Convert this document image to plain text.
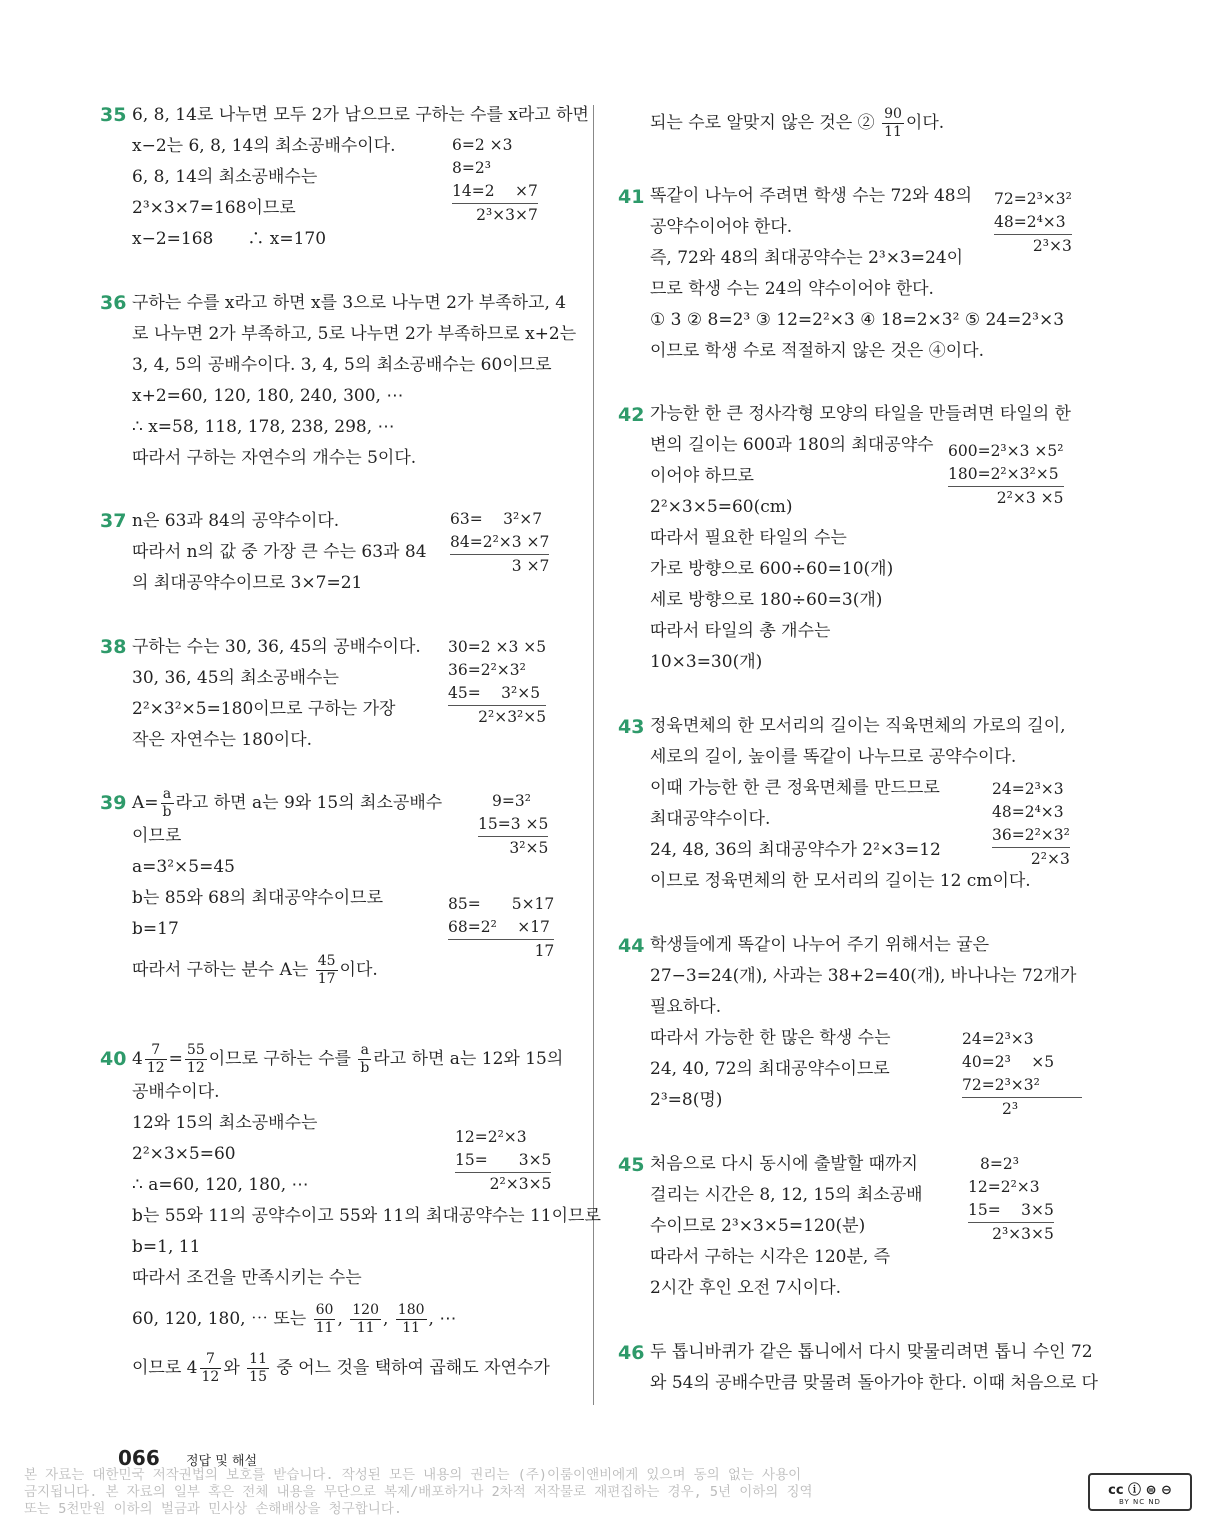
35 6, 8, 14로 나누면 모두 2가 남으므로 구하는 수를 x라고 하면
x−2는 6, 8, 14의 최소공배수이다.
6, 8, 14의 최소공배수는
2³×3×7=168이므로
x−2=168　　∴ x=170
6=2 ×3
8=2³
14=2　 ×7
2³×3×7
36 구하는 수를 x라고 하면 x를 3으로 나누면 2가 부족하고, 4
로 나누면 2가 부족하고, 5로 나누면 2가 부족하므로 x+2는
3, 4, 5의 공배수이다. 3, 4, 5의 최소공배수는 60이므로
x+2=60, 120, 180, 240, 300, ⋯
∴ x=58, 118, 178, 238, 298, ⋯
따라서 구하는 자연수의 개수는 5이다.
37 n은 63과 84의 공약수이다.
따라서 n의 값 중 가장 큰 수는 63과 84
의 최대공약수이므로 3×7=21
63=　 3²×7
84=2²×3 ×7
3 ×7
38 구하는 수는 30, 36, 45의 공배수이다.
30, 36, 45의 최소공배수는
2²×3²×5=180이므로 구하는 가장
작은 자연수는 180이다.
30=2 ×3 ×5
36=2²×3²
45=　 3²×5
2²×3²×5
39 $A= \frac{a}{b}$ 라고 하면 a는 9와 15의 최소공배수
이므로
a=3²×5=45
b는 85와 68의 최대공약수이므로
b=17
따라서 구하는 분수 A는 $\frac{45}{17}$ 이다.
9=3²
15=3 ×5
3²×5
85=　　5×17
68=2²　 ×17
17
40 $4 \frac{7}{12} = \frac{55}{12}$ 이므로 구하는 수를 $\frac{a}{b}$ 라고 하면 a는 12와 15의
공배수이다.
12와 15의 최소공배수는
2²×3×5=60
∴ a=60, 120, 180, ⋯
b는 55와 11의 공약수이고 55와 11의 최대공약수는 11이므로
b=1, 11
따라서 조건을 만족시키는 수는
60, 120, 180, ⋯ 또는 $\frac{60}{11}$ , $\frac{120}{11}$ , $\frac{180}{11}$ , ⋯
이므로 $4 \frac{7}{12}$ 와 $\frac{11}{15}$ 중 어느 것을 택하여 곱해도 자연수가
12=2²×3
15=　　3×5
2²×3×5
되는 수로 알맞지 않은 것은 ② $\frac{90}{11}$ 이다.
41 똑같이 나누어 주려면 학생 수는 72와 48의
공약수이어야 한다.
즉, 72와 48의 최대공약수는 2³×3=24이
므로 학생 수는 24의 약수이어야 한다.
① 3 ② 8=2³ ③ 12=2²×3 ④ 18=2×3² ⑤ 24=2³×3
이므로 학생 수로 적절하지 않은 것은 ④이다.
72=2³×3²
48=2⁴×3
2³×3
42 가능한 한 큰 정사각형 모양의 타일을 만들려면 타일의 한
변의 길이는 600과 180의 최대공약수
이어야 하므로
2²×3×5=60(cm)
따라서 필요한 타일의 수는
가로 방향으로 600÷60=10(개)
세로 방향으로 180÷60=3(개)
따라서 타일의 총 개수는
10×3=30(개)
600=2³×3 ×5²
180=2²×3²×5
2²×3 ×5
43 정육면체의 한 모서리의 길이는 직육면체의 가로의 길이,
세로의 길이, 높이를 똑같이 나누므로 공약수이다.
이때 가능한 한 큰 정육면체를 만드므로
최대공약수이다.
24, 48, 36의 최대공약수가 2²×3=12
이므로 정육면체의 한 모서리의 길이는 12 cm이다.
24=2³×3
48=2⁴×3
36=2²×3²
2²×3
44 학생들에게 똑같이 나누어 주기 위해서는 귤은
27−3=24(개), 사과는 38+2=40(개), 바나나는 72개가
필요하다.
따라서 가능한 한 많은 학생 수는
24, 40, 72의 최대공약수이므로
2³=8(명)
24=2³×3
40=2³　 ×5
72=2³×3²
2³
45 처음으로 다시 동시에 출발할 때까지
걸리는 시간은 8, 12, 15의 최소공배
수이므로 2³×3×5=120(분)
따라서 구하는 시각은 120분, 즉
2시간 후인 오전 7시이다.
8=2³
12=2²×3
15=　 3×5
2³×3×5
46 두 톱니바퀴가 같은 톱니에서 다시 맞물리려면 톱니 수인 72
와 54의 공배수만큼 맞물려 돌아가야 한다. 이때 처음으로 다
066 정답 및 해설
본 자료는 대한민국 저작권법의 보호를 받습니다. 작성된 모든 내용의 권리는 (주)이룸이앤비에게 있으며 동의 없는 사용이
금지됩니다. 본 자료의 일부 혹은 전체 내용을 무단으로 복제/배포하거나 2차적 저작물로 재편집하는 경우, 5년 이하의 징역
또는 5천만원 이하의 벌금과 민사상 손해배상을 청구합니다.
cc ⓘ ⊜ ⊖
BY NC ND
